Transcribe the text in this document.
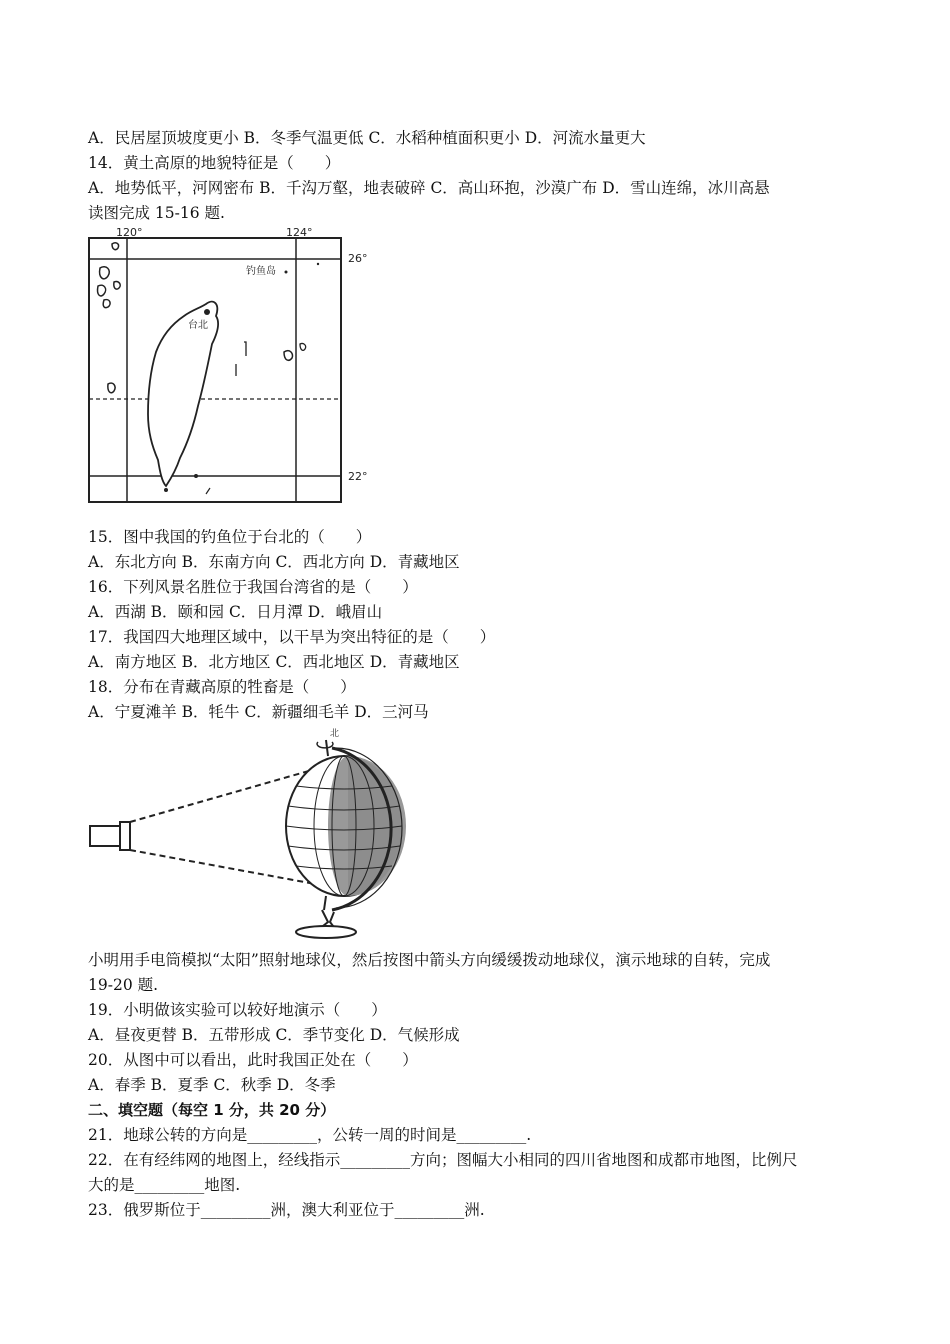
A．民居屋顶坡度更小 B．冬季气温更低 C．水稻种植面积更小 D．河流水量更大
14．黄土高原的地貌特征是（　　）
A．地势低平，河网密布 B．千沟万壑，地表破碎 C．高山环抱，沙漠广布 D．雪山连绵，冰川高悬
读图完成 15-16 题.
120°	124°
26°
22°
钓鱼岛
台北
15．图中我国的钓鱼位于台北的（　　）
A．东北方向 B．东南方向 C．西北方向 D．青藏地区
16．下列风景名胜位于我国台湾省的是（　　）
A．西湖 B．颐和园 C．日月潭 D．峨眉山
17．我国四大地理区域中，以干旱为突出特征的是（　　）
A．南方地区 B．北方地区 C．西北地区 D．青藏地区
18．分布在青藏高原的牲畜是（　　）
A．宁夏滩羊 B．牦牛 C．新疆细毛羊 D．三河马
北
小明用手电筒模拟“太阳”照射地球仪，然后按图中箭头方向缓缓拨动地球仪，演示地球的自转，完成
19-20 题.
19．小明做该实验可以较好地演示（　　）
A．昼夜更替 B．五带形成 C．季节变化 D．气候形成
20．从图中可以看出，此时我国正处在（　　）
A．春季 B．夏季 C．秋季 D．冬季
二、填空题（每空 1 分，共 20 分）
21．地球公转的方向是_________，公转一周的时间是_________.
22．在有经纬网的地图上，经线指示_________方向；图幅大小相同的四川省地图和成都市地图，比例尺
大的是_________地图.
23．俄罗斯位于_________洲，澳大利亚位于_________洲.
